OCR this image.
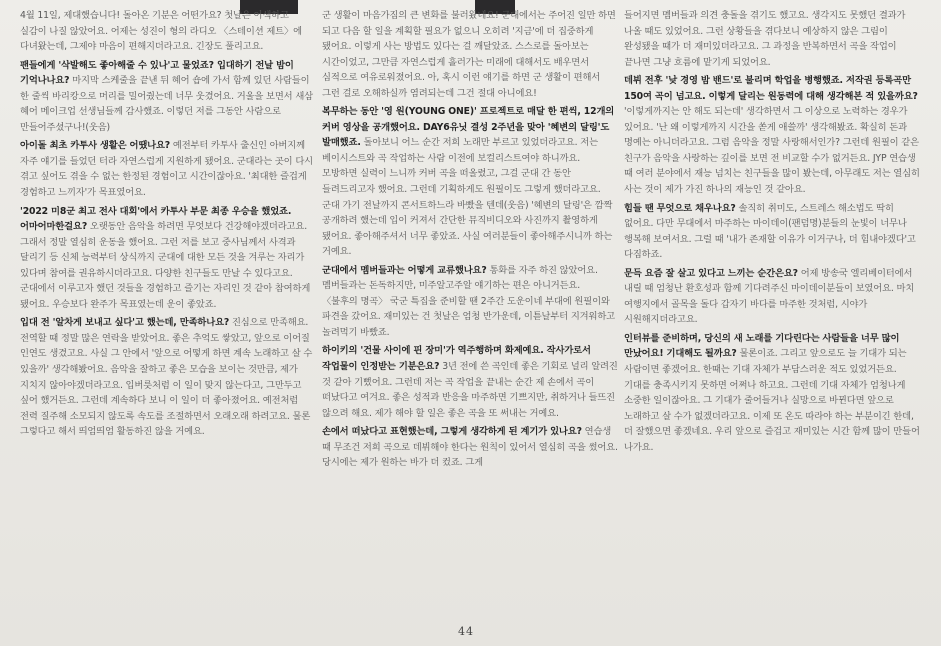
4월 11일, 제대했습니다! 돌아온 기분은 어떤가요? 첫날은 어색하고 실감이 나질 않았어요. 어제는 성진이 형의 라디오 〈스테이션 제트〉에 다녀왔는데, 그제야 마음이 편해지더라고요. 긴장도 풀리고요.

팬들에게 '삭발해도 좋아해줄 수 있나'고 물었죠? 입대하기 전날 밤이 기억나나요? 마지막 스케줄을 끝낸 뒤 혜어 숍에 가서 함께 있던 사람들이 한 줄씩 바리캉으로 머리를 밀어줬는데 너무 웃겼어요. 거울을 보면서 새삼 혜어 메이크업 선생님들께 감사했죠. 이렇던 저를 그동안 사람으로 만들어주셨구나!(웃음)

아이돌 최초 카투사 생활은 어땠나요? 예전부터 카투사 출신인 아버지께 자주 얘기를 들었던 터라 자연스럽게 지원하게 됐어요. 군대라는 곳이 다시 겪고 싶어도 겪을 수 없는 한정된 경험이고 시간이잖아요. '최대한 즐겁게 경험하고 느끼자'가 목표였어요.

'2022 미8군 최고 전사 대회'에서 카투사 부문 최종 우승을 했었죠. 어마어마한걸요? 오랫동안 음악을 하려면 무엇보다 건강해야겠더라고요. 그래서 정말 열심히 운동을 했어요. 그런 저를 보고 중사님께서 사격과 달리기 등 신체 능력부터 상식까지 군대에 대한 모든 것을 겨루는 자리가 있다며 참여를 권유하시더라고요. 다양한 친구들도 만날 수 있다고요. 군대에서 이루고자 했던 것들을 경험하고 즐기는 자리인 것 같아 참여하게 됐어요. 우승보다 완주가 목표였는데 운이 좋았죠.

입대 전 '알차게 보내고 싶다'고 했는데, 만족하나요? 진심으로 만족해요. 전역할 때 정말 많은 연락을 받았어요. 좋은 추억도 쌓았고, 앞으로 이어질 인연도 생겼고요. 사실 그 안에서 '앞으로 어떻게 하면 계속 노래하고 살 수 있을까' 생각해봤어요. 음악을 잘하고 좋은 모습을 보이는 것만큼, 제가 지치지 않아야겠더라고요. 입버릇처럼 이 일이 맞지 않는다고, 그만두고 싶어 했거든요. 그런데 계속하다 보니 이 일이 더 좋아졌어요. 예전처럼 전력 질주해 소모되지 않도록 속도를 조절하면서 오래오래 하려고요. 물론 그렇다고 해서 띄엄띄엄 활동하진 않을 거예요.

군 생활이 마음가짐의 큰 변화를 불러왔네요! 군대에서는 주어진 일만 하면 되고 다음 할 일을 계획할 필요가 없으니 오히려 '지금'에 더 집중하게 됐어요. 이렇게 사는 방법도 있다는 걸 깨달았죠. 스스로를 돌아보는 시간이었고, 그만큼 자연스럽게 흘러가는 미래에 대해서도 배우면서 심적으로 여유로워졌어요. 아, 혹시 이런 얘기를 하면 군 생활이 편해서 그런 걸로 오해하실까 염려되는데 그건 절대 아니에요!

복무하는 동안 '영 원(YOUNG ONE)' 프로젝트로 매달 한 편씩, 12개의 커버 영상을 공개했어요. DAY6유닛 결성 2주년을 맞아 '혜변의 달링'도 발매했죠. 돌아보니 어느 순간 저희 노래만 부르고 있었더라고요. 저는 베이시스트와 곡 작업하는 사람 이전에 보컬리스트여야 하니까요. 모방하면 실력이 느니까 커버 곡을 떠올렸고, 그걸 군대 간 동안 들려드리고자 했어요. 그런데 기획하게도 원필이도 그렇게 했더라고요. 군대 가기 전날까지 콘서트하느라 바빴을 텐데(웃음) '혜변의 달링'은 깜짝 공개하려 했는데 입이 커져서 간단한 뮤직비디오와 사진까지 촬영하게 됐어요. 좋아해주셔서 너무 좋았죠. 사실 여러분들이 좋아해주시니까 하는 거예요.

군대에서 멤버들과는 어떻게 교류했나요? 통화를 자주 하진 않았어요. 멤버들과는 돈독하지만, 미주알고주알 얘기하는 편은 아니거든요. 〈불후의 명곡〉 국군 특집을 준비할 땐 2주간 도운이네 부대에 원필이와 파견을 갔어요. 재미있는 건 첫날은 엄청 반가운데, 이튿날부터 지겨워하고 놀려먹기 바빴죠.

하이키의 '건물 사이에 핀 장미'가 역주행하며 화제예요. 작사가로서 작업물이 인정받는 기분은요? 3년 전에 쓴 곡인데 좋은 기회로 널리 알려진 것 같아 기뻤어요. 그런데 저는 곡 작업을 끝내는 순간 제 손에서 곡이 떠났다고 여겨요. 좋은 성적과 반응을 마주하면 기쁘지만, 취하거나 들뜨진 않으려 해요. 제가 해야 할 일은 좋은 곡을 또 써내는 거예요.

손에서 떠났다고 표현했는데, 그렇게 생각하게 된 계기가 있나요? 연습생 때 무조건 저희 곡으로 데뷔해야 한다는 원칙이 있어서 열심히 곡을 썼어요. 당시에는 제가 원하는 바가 더 컸죠. 그게

들어지면 멤버들과 의견 충돌을 겪기도 했고요. 생각지도 못했던 결과가 나올 때도 있었어요. 그런 상황들을 겪다보니 예상하지 않은 그림이 완성됐을 때가 더 재미있더라고요. 그 과정을 반복하면서 곡을 작업이 끝나면 그냥 흐름에 맡기게 되었어요.

데뷔 전후 '낮 경영 밤 밴드'로 불리며 학업을 병행했죠. 저작권 등록곡만 150여 곡이 넘고요. 이렇게 달리는 원동력에 대해 생각해본 적 있을까요? '이렇게까지는 안 해도 되는데' 생각하면서 그 이상으로 노력하는 경우가 있어요. '난 왜 이렇게까지 시간을 쏟게 애쓸까' 생각해봤죠. 확실히 돈과 명예는 아니더라고요. 그럼 음악을 정말 사랑해서인가? 그런데 원필이 같은 친구가 음악을 사랑하는 깊이를 보면 전 비교할 수가 없거든요. JYP 연습생 때 여러 분야에서 재능 넘치는 친구들을 많이 봤는데, 아무래도 저는 열심히 사는 것이 제가 가진 하나의 재능인 것 같아요.

힘들 땐 무엇으로 채우나요? 솔직히 취미도, 스트레스 해소법도 딱히 없어요. 다만 무대에서 마주하는 마이데이(팬덤명)분들의 눈빛이 너무나 행복해 보여서요. 그럴 때 '내가 존재할 이유가 이거구나, 더 힘내야겠다'고 다짐하죠.

문득 요즘 잘 살고 있다고 느끼는 순간은요? 어제 방송국 엘리베이터에서 내릴 때 엄청난 환호성과 함께 기다려주신 마이데이분들이 보였어요. 마치 여행지에서 골목을 돌다 갑자기 바다를 마주한 것처럼, 시야가 시원해지더라고요.

인터뷰를 준비하며, 당신의 새 노래를 기다린다는 사람들을 너무 많이 만났어요! 기대해도 될까요? 물론이죠. 그리고 앞으로도 늘 기대가 되는 사람이면 좋겠어요. 한때는 기대 자체가 부담스러운 적도 있었거든요. 기대를 충족시키지 못하면 어쩌나 하고요. 그런데 기대 자체가 엄청나게 소중한 일이잖아요. 그 기대가 줄어들거나 실망으로 바뀐다면 앞으로 노래하고 살 수가 없겠더라고요. 이제 또 온도 따라야 하는 부분이긴 한데, 더 잘했으면 좋겠네요. 우리 앞으로 즐겁고 재미있는 시간 함께 많이 만들어 나가요.

44
